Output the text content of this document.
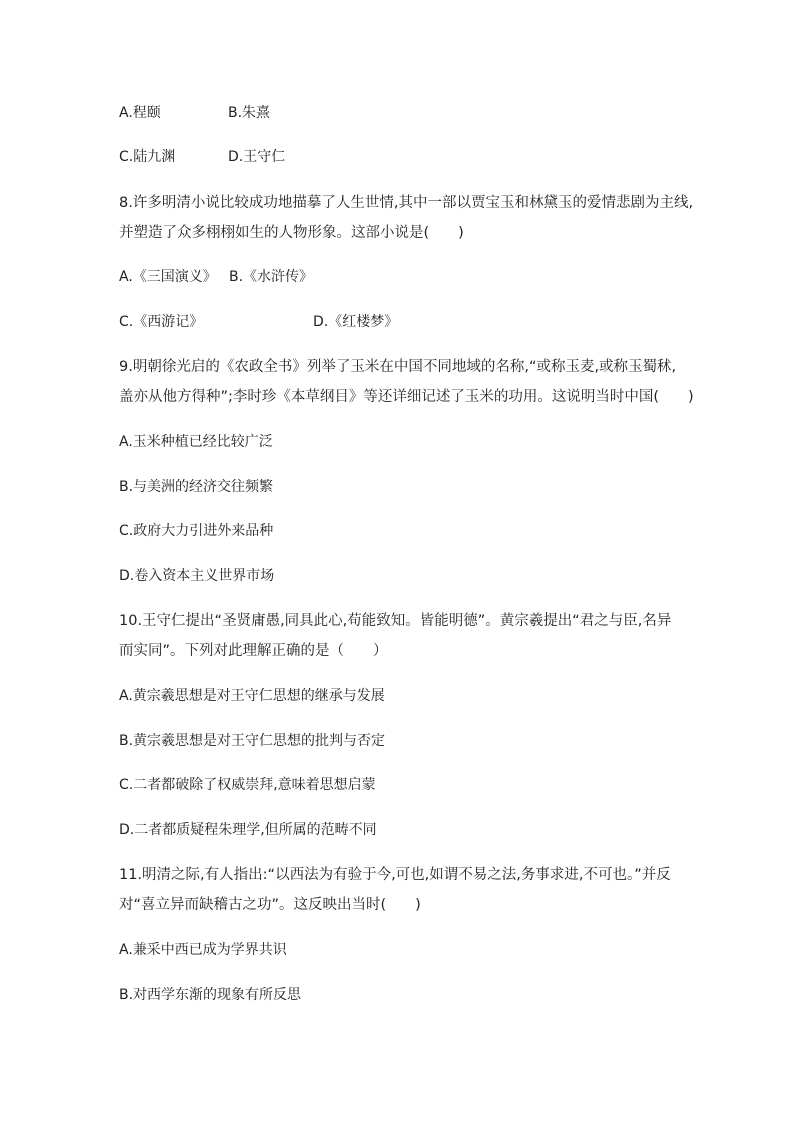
A.程颐	B.朱熹
C.陆九渊	D.王守仁
8.许多明清小说比较成功地描摹了人生世情,其中一部以贾宝玉和林黛玉的爱情悲剧为主线,
并塑造了众多栩栩如生的人物形象。这部小说是(　　)
A.《三国演义》 B.《水浒传》
C.《西游记》	D.《红楼梦》
9.明朝徐光启的《农政全书》列举了玉米在中国不同地域的名称,“或称玉麦,或称玉蜀秫,
盖亦从他方得种”;李时珍《本草纲目》等还详细记述了玉米的功用。这说明当时中国(　　)
A.玉米种植已经比较广泛
B.与美洲的经济交往频繁
C.政府大力引进外来品种
D.卷入资本主义世界市场
10.王守仁提出“圣贤庸愚,同具此心,苟能致知。皆能明德”。黄宗羲提出“君之与臣,名异
而实同”。下列对此理解正确的是（　　）
A.黄宗羲思想是对王守仁思想的继承与发展
B.黄宗羲思想是对王守仁思想的批判与否定
C.二者都破除了权威崇拜,意味着思想启蒙
D.二者都质疑程朱理学,但所属的范畴不同
11.明清之际,有人指出:“以西法为有验于今,可也,如谓不易之法,务事求进,不可也。”并反
对“喜立异而缺稽古之功”。这反映出当时(　　)
A.兼采中西已成为学界共识
B.对西学东渐的现象有所反思
